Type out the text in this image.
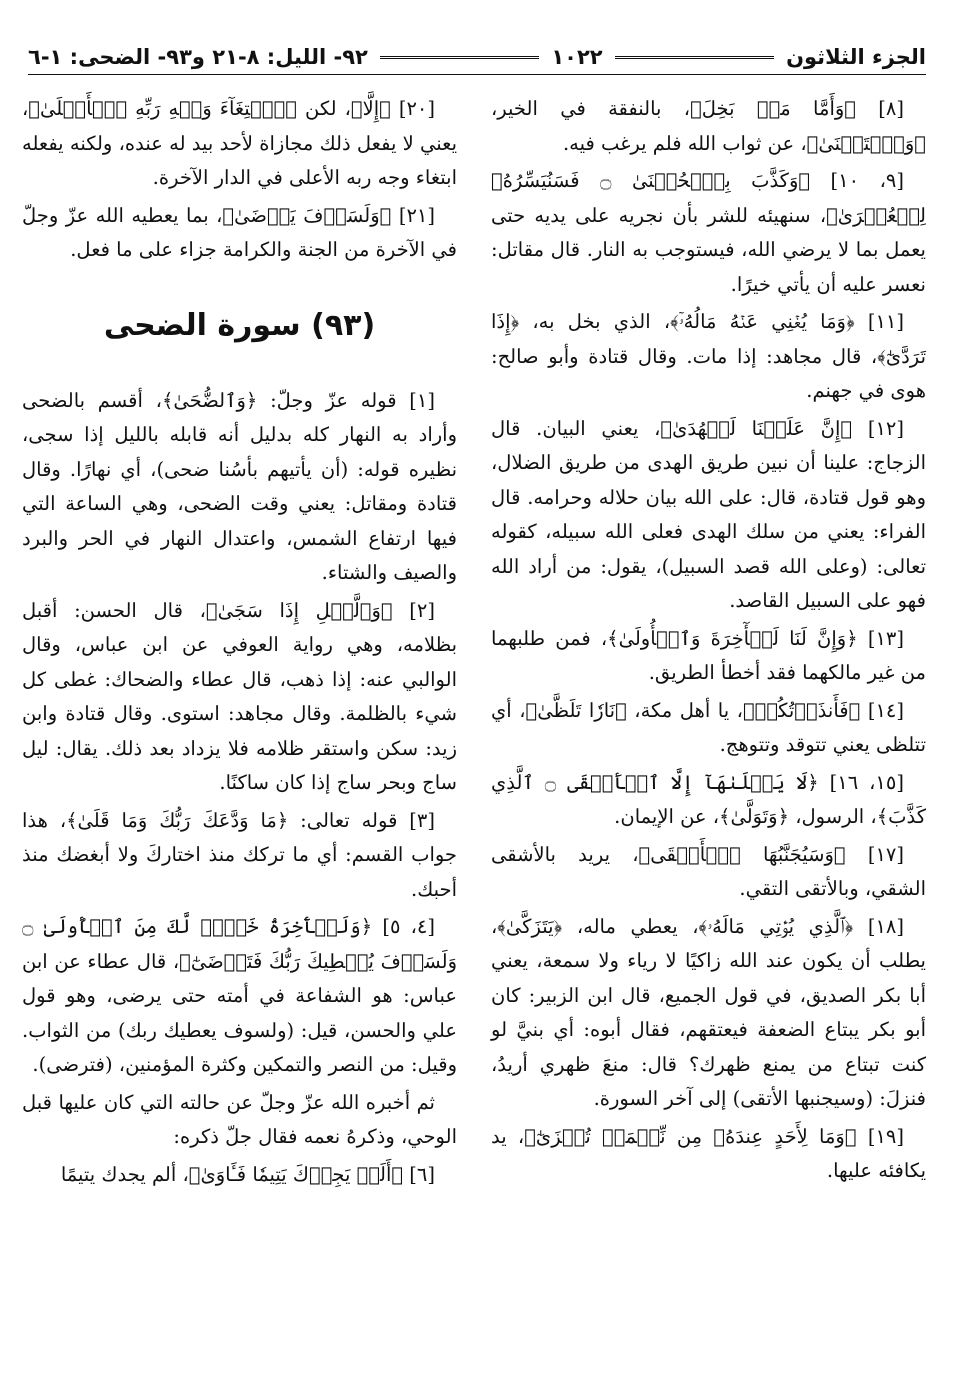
الجزء الثلاثون
١٠٢٢
٩٢- الليل: ٨-٢١ و٩٣- الضحى: ١-٦

[٨] ﴿وَأَمَّا مَنۢ بَخِلَ﴾، بالنفقة في الخير، ﴿وَٱسۡتَغۡنَىٰ﴾، عن ثواب الله فلم يرغب فيه.

[٩، ١٠] ﴿وَكَذَّبَ بِٱلۡحُسۡنَىٰ ۝ فَسَنُيَسِّرُهُۥ لِلۡعُسۡرَىٰ﴾، سنهيئه للشر بأن نجريه على يديه حتى يعمل بما لا يرضي الله، فيستوجب به النار. قال مقاتل: نعسر عليه أن يأتي خيرًا.

[١١] ﴿وَمَا يُغۡنِي عَنۡهُ مَالُهُۥٓ﴾، الذي بخل به، ﴿إِذَا تَرَدَّىٰٓ﴾، قال مجاهد: إذا مات. وقال قتادة وأبو صالح: هوى في جهنم.

[١٢] ﴿إِنَّ عَلَيۡنَا لَلۡهُدَىٰ﴾، يعني البيان. قال الزجاج: علينا أن نبين طريق الهدى من طريق الضلال، وهو قول قتادة، قال: على الله بيان حلاله وحرامه. قال الفراء: يعني من سلك الهدى فعلى الله سبيله، كقوله تعالى: (وعلى الله قصد السبيل)، يقول: من أراد الله فهو على السبيل القاصد.

[١٣] ﴿وَإِنَّ لَنَا لَلۡأٓخِرَةَ وَٱلۡأُولَىٰ﴾، فمن طلبهما من غير مالكهما فقد أخطأ الطريق.

[١٤] ﴿فَأَنذَرۡتُكُمۡ﴾، يا أهل مكة، ﴿نَارٗا تَلَظَّىٰ﴾، أي تتلظى يعني تتوقد وتتوهج.

[١٥، ١٦] ﴿لَا يَصۡلَىٰهَآ إِلَّا ٱلۡأَشۡقَى ۝ ٱلَّذِي كَذَّبَ﴾، الرسول، ﴿وَتَوَلَّىٰ﴾، عن الإيمان.

[١٧] ﴿وَسَيُجَنَّبُهَا ٱلۡأَتۡقَى﴾، يريد بالأشقى الشقي، وبالأتقى التقي.

[١٨] ﴿ٱلَّذِي يُؤۡتِي مَالَهُۥ﴾، يعطي ماله، ﴿يَتَزَكَّىٰ﴾، يطلب أن يكون عند الله زاكيًا لا رياء ولا سمعة، يعني أبا بكر الصديق، في قول الجميع، قال ابن الزبير: كان أبو بكر يبتاع الضعفة فيعتقهم، فقال أبوه: أي بنيَّ لو كنت تبتاع من يمنع ظهرك؟ قال: منعَ ظهري أريدُ، فنزلَ: (وسيجنبها الأتقى) إلى آخر السورة.

[١٩] ﴿وَمَا لِأَحَدٍ عِندَهُۥ مِن نِّعۡمَةٖ تُجۡزَىٰٓ﴾، يد يكافئه عليها.

[٢٠] ﴿إِلَّا﴾، لكن ﴿ٱبۡتِغَآءَ وَجۡهِ رَبِّهِ ٱلۡأَعۡلَىٰ﴾، يعني لا يفعل ذلك مجازاة لأحد بيد له عنده، ولكنه يفعله ابتغاء وجه ربه الأعلى في الدار الآخرة.

[٢١] ﴿وَلَسَوۡفَ يَرۡضَىٰ﴾، بما يعطيه الله عزّ وجلّ في الآخرة من الجنة والكرامة جزاء على ما فعل.

(٩٣) سورة الضحى

[١] قوله عزّ وجلّ: ﴿وَٱلضُّحَىٰ﴾، أقسم بالضحى وأراد به النهار كله بدليل أنه قابله بالليل إذا سجى، نظيره قوله: (أن يأتيهم بأسُنا ضحى)، أي نهارًا. وقال قتادة ومقاتل: يعني وقت الضحى، وهي الساعة التي فيها ارتفاع الشمس، واعتدال النهار في الحر والبرد والصيف والشتاء.

[٢] ﴿وَٱلَّيۡلِ إِذَا سَجَىٰ﴾، قال الحسن: أقبل بظلامه، وهي رواية العوفي عن ابن عباس، وقال الوالبي عنه: إذا ذهب، قال عطاء والضحاك: غطى كل شيء بالظلمة. وقال مجاهد: استوى. وقال قتادة وابن زيد: سكن واستقر ظلامه فلا يزداد بعد ذلك. يقال: ليل ساج وبحر ساج إذا كان ساكنًا.

[٣] قوله تعالى: ﴿مَا وَدَّعَكَ رَبُّكَ وَمَا قَلَىٰ﴾، هذا جواب القسم: أي ما تركك منذ اختاركَ ولا أبغضك منذ أحبك.

[٤، ٥] ﴿وَلَلۡأٓخِرَةُ خَيۡرٞ لَّكَ مِنَ ٱلۡأُولَىٰ ۝ وَلَسَوۡفَ يُعۡطِيكَ رَبُّكَ فَتَرۡضَىٰٓ﴾، قال عطاء عن ابن عباس: هو الشفاعة في أمته حتى يرضى، وهو قول علي والحسن، قيل: (ولسوف يعطيك ربك) من الثواب. وقيل: من النصر والتمكين وكثرة المؤمنين، (فترضى).

ثم أخبره الله عزّ وجلّ عن حالته التي كان عليها قبل الوحي، وذكرهُ نعمه فقال جلّ ذكره:

[٦] ﴿أَلَمۡ يَجِدۡكَ يَتِيمٗا فَـَٔاوَىٰ﴾، ألم يجدك يتيمًا
